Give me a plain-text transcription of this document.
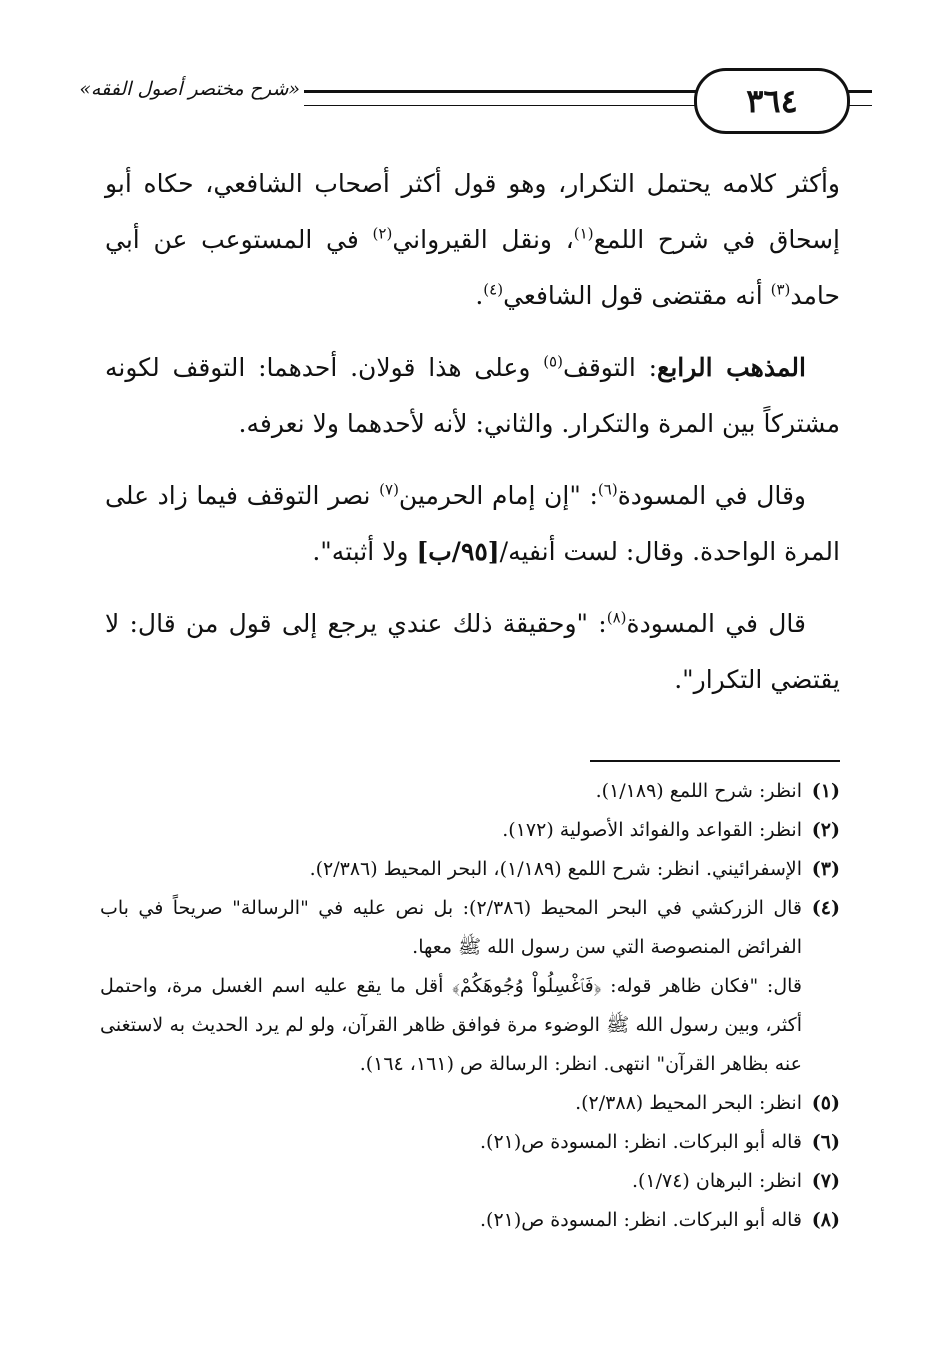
٣٦٤
«شرح مختصر أصول الفقه»

وأكثر كلامه يحتمل التكرار، وهو قول أكثر أصحاب الشافعي، حكاه أبو إسحاق في شرح اللمع$^{(١)}$، ونقل القيرواني$^{(٢)}$ في المستوعب عن أبي حامد$^{(٣)}$ أنه مقتضى قول الشافعي$^{(٤)}$.

المذهب الرابع: التوقف$^{(٥)}$ وعلى هذا قولان. أحدهما: التوقف لكونه مشتركاً بين المرة والتكرار. والثاني: لأنه لأحدهما ولا نعرفه.

وقال في المسودة$^{(٦)}$: "إن إمام الحرمين$^{(٧)}$ نصر التوقف فيما زاد على المرة الواحدة. وقال: لست أنفيه/[٩٥/ب] ولا أثبته".

قال في المسودة$^{(٨)}$: "وحقيقة ذلك عندي يرجع إلى قول من قال: لا يقتضي التكرار".

(١)

انظر: شرح اللمع (١/١٨٩).

(٢)

انظر: القواعد والفوائد الأصولية (١٧٢).

(٣)

الإسفرائيني. انظر: شرح اللمع (١/١٨٩)، البحر المحيط (٢/٣٨٦).

(٤)

قال الزركشي في البحر المحيط (٢/٣٨٦): بل نص عليه في "الرسالة" صريحاً في باب الفرائض المنصوصة التي سن رسول الله ﷺ معها.

قال: "فكان ظاهر قوله: ﴿فَٱغْسِلُواْ وُجُوهَكُمْ﴾ أقل ما يقع عليه اسم الغسل مرة، واحتمل أكثر، وبين رسول الله ﷺ الوضوء مرة فوافق ظاهر القرآن، ولو لم يرد الحديث به لاستغنى عنه بظاهر القرآن" انتهى. انظر: الرسالة ص (١٦١، ١٦٤).

(٥)

انظر: البحر المحيط (٢/٣٨٨).

(٦)

قاله أبو البركات. انظر: المسودة ص(٢١).

(٧)

انظر: البرهان (١/٧٤).

(٨)

قاله أبو البركات. انظر: المسودة ص(٢١).
